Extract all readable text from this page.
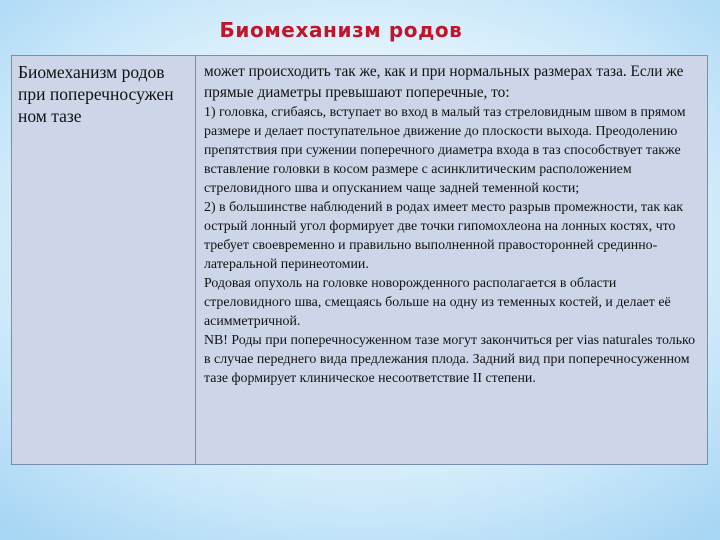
Биомеханизм родов
Биомеханизм родов при поперечносужен ном тазе

может происходить так же, как и при нормальных размерах таза. Если же прямые диаметры превышают поперечные, то:

1) головка, сгибаясь, вступает во вход в малый таз стреловидным швом в прямом размере и делает поступательное движение до плоскости выхода. Преодолению препятствия при сужении поперечного диаметра входа в таз способствует также вставление головки в косом размере с асинклитическим расположением стреловидного шва и опусканием чаще задней теменной кости;

2) в большинстве наблюдений в родах имеет место разрыв промежности, так как острый лонный угол формирует две точки гипомохлеона на лонных костях, что требует своевременно и правильно выполненной правосторонней срединно-латеральной перинеотомии.

Родовая опухоль на головке новорожденного располагается в области стреловидного шва, смещаясь больше на одну из теменных костей, и делает её асимметричной.

NB! Роды при поперечносуженном тазе могут закончиться per vias naturales только в случае переднего вида предлежания плода. Задний вид при поперечносуженном тазе формирует клиническое несоответствие II степени.
